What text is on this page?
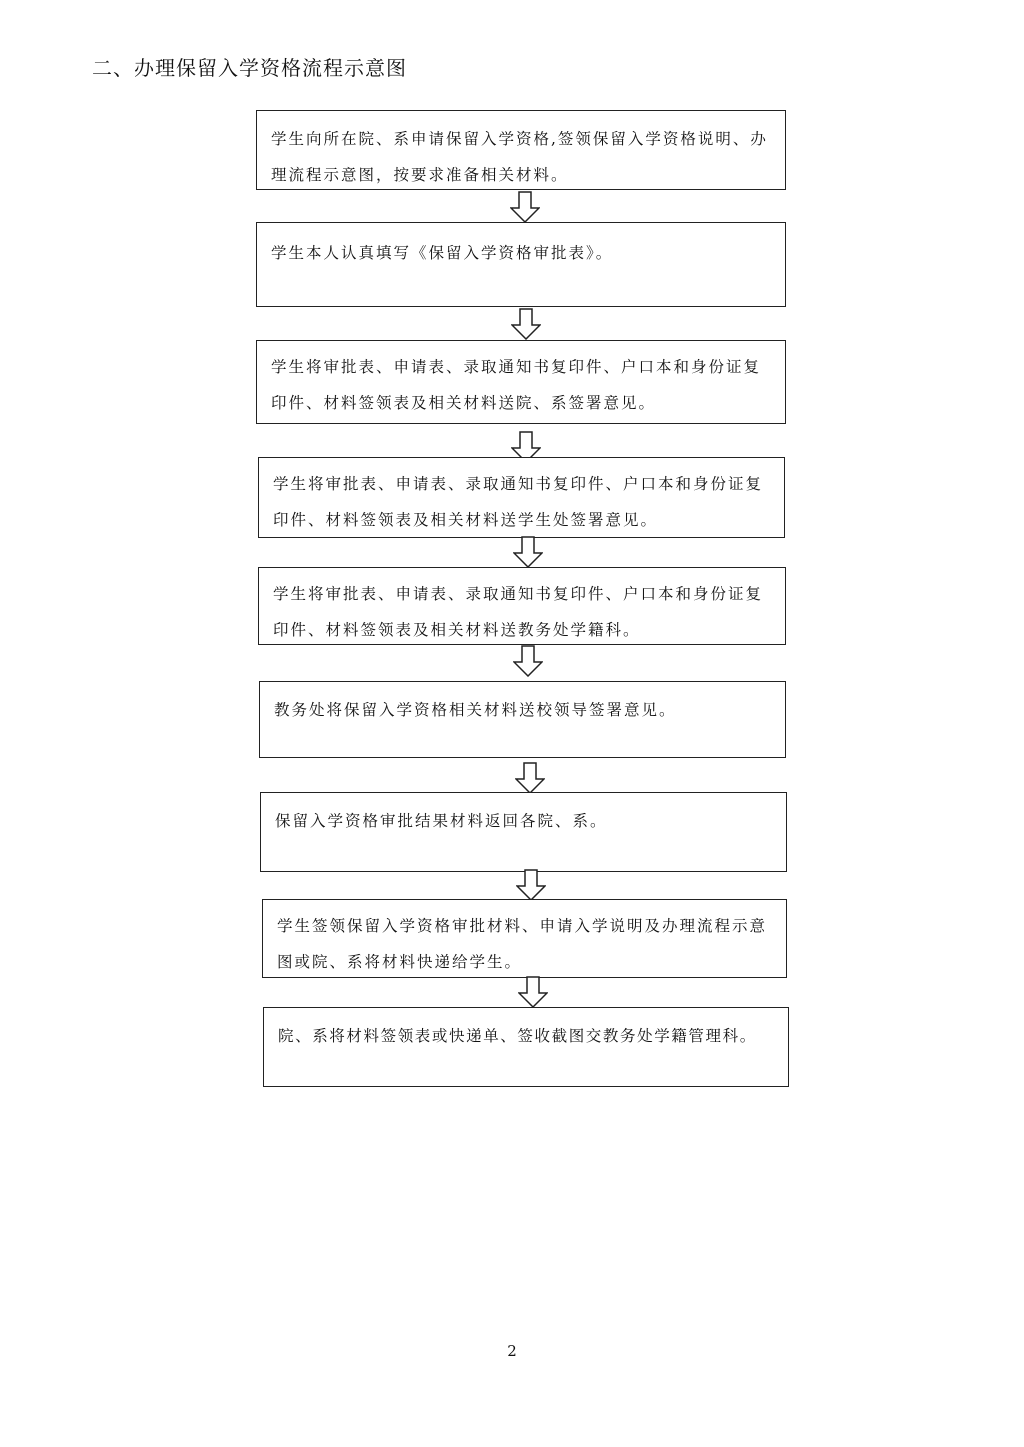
二、办理保留入学资格流程示意图
学生向所在院、系申请保留入学资格,签领保留入学资格说明、办理流程示意图，按要求准备相关材料。
学生本人认真填写《保留入学资格审批表》。
学生将审批表、申请表、录取通知书复印件、户口本和身份证复印件、材料签领表及相关材料送院、系签署意见。
学生将审批表、申请表、录取通知书复印件、户口本和身份证复印件、材料签领表及相关材料送学生处签署意见。
学生将审批表、申请表、录取通知书复印件、户口本和身份证复印件、材料签领表及相关材料送教务处学籍科。
教务处将保留入学资格相关材料送校领导签署意见。
保留入学资格审批结果材料返回各院、系。
学生签领保留入学资格审批材料、申请入学说明及办理流程示意图或院、系将材料快递给学生。
院、系将材料签领表或快递单、签收截图交教务处学籍管理科。
2
